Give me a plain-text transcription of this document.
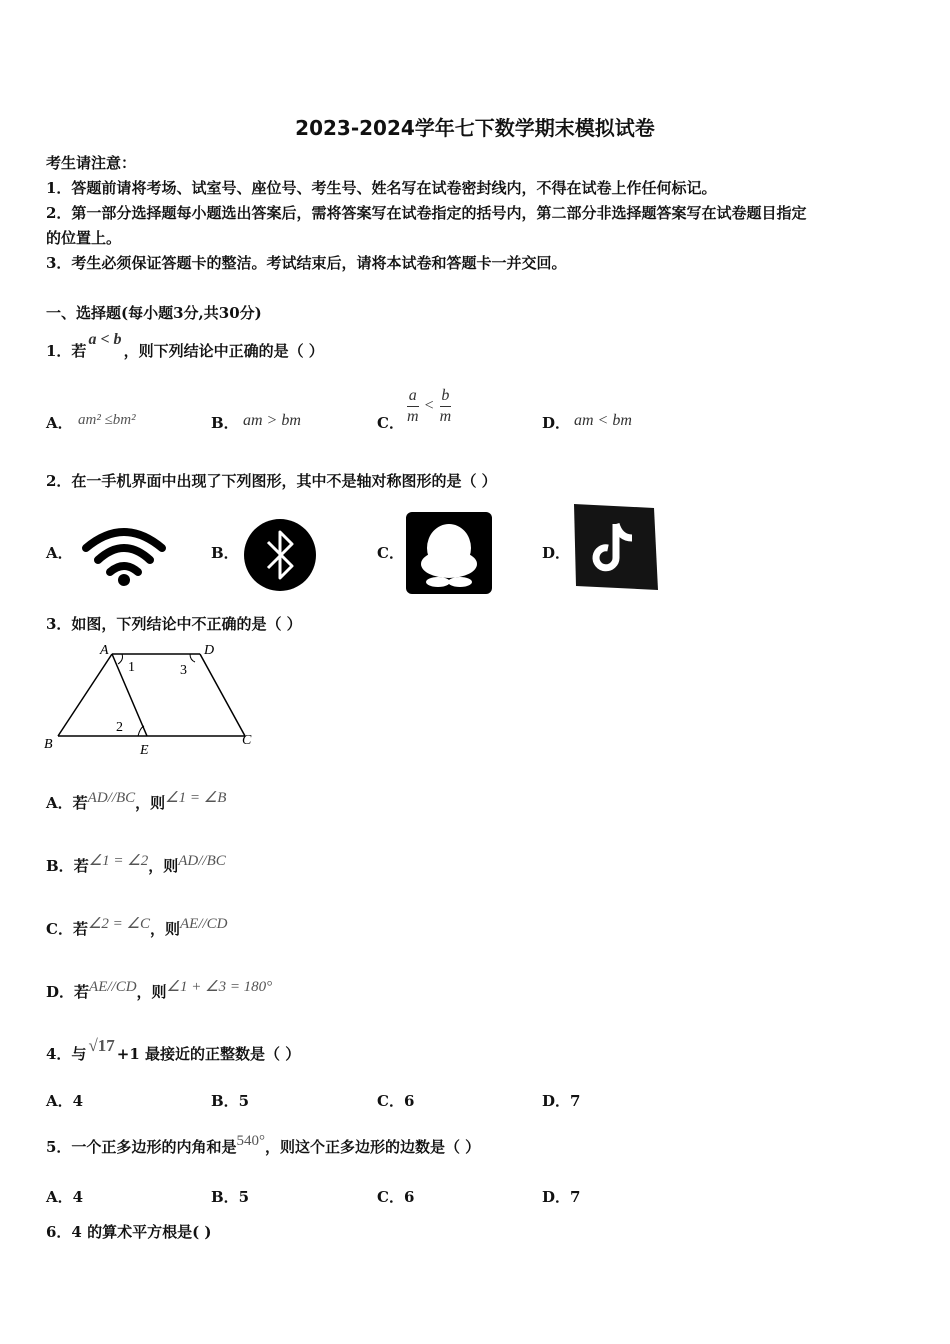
2023-2024学年七下数学期末模拟试卷
考生请注意：
1．答题前请将考场、试室号、座位号、考生号、姓名写在试卷密封线内，不得在试卷上作任何标记。
2．第一部分选择题每小题选出答案后，需将答案写在试卷指定的括号内，第二部分非选择题答案写在试卷题目指定
的位置上。
3．考生必须保证答题卡的整洁。考试结束后，请将本试卷和答题卡一并交回。
一、选择题(每小题3分,共30分)
1．若a < b，则下列结论中正确的是（ ）
A． am² ≤bm²	B． am > bm	C． $\frac{a}{m} < \frac{b}{m}$	D． am < bm
2．在一手机界面中出现了下列图形，其中不是轴对称图形的是（ ）
A．	B．	C．	D．
3．如图，下列结论中不正确的是（ ）
A	D
B	E
C
1
2
3
A．若AD//BC，则∠1 = ∠B
B．若∠1 = ∠2，则AD//BC
C．若∠2 = ∠C，则AE//CD
D．若AE//CD，则∠1 + ∠3 = 180°
4．与 √17 +1 最接近的正整数是（ ）
A．4	B．5	C．6	D．7
5．一个正多边形的内角和是540°，则这个正多边形的边数是（ ）
A．4	B．5	C．6	D．7
6．4 的算术平方根是( )
